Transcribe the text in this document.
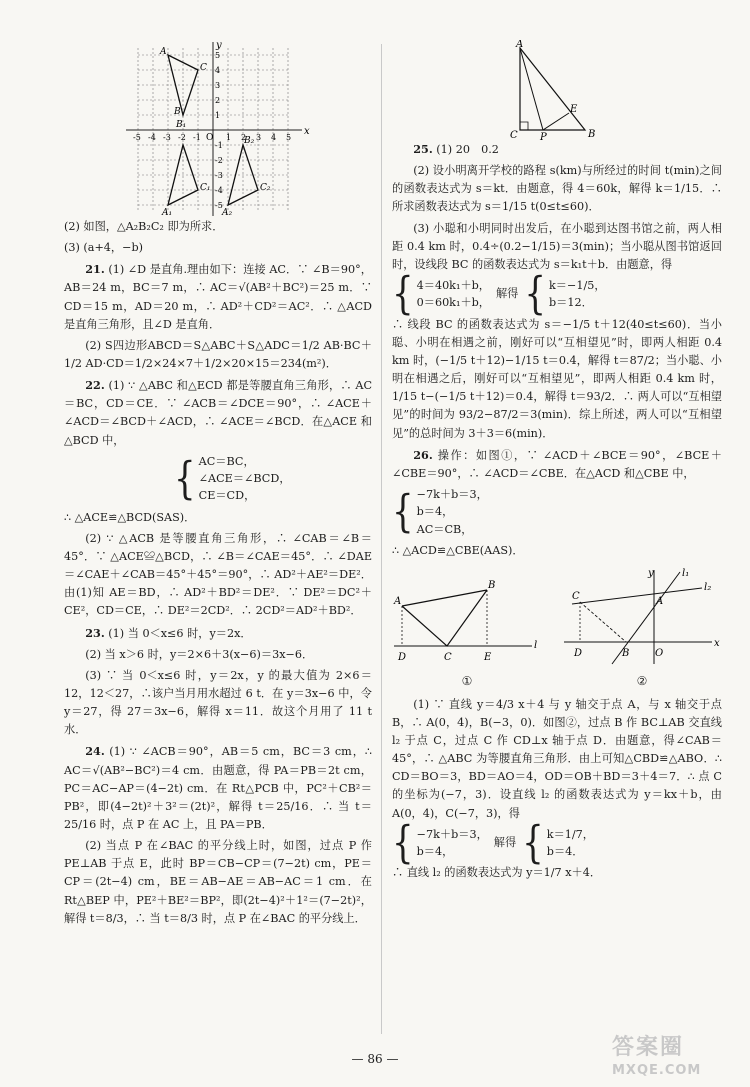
x
y
O
-5 -4 -3 -2 -1	1 2 3 4 5
5
4
3
2
1
-1
-2
-3
-4
-5
A
B
C
B₁
A₁
C₁
A₂
B₂
C₂

(2) 如图，△A₂B₂C₂ 即为所求．

(3) (a+4，−b)

21. (1) ∠D 是直角.理由如下：连接 AC．∵ ∠B＝90°，AB＝24 m，BC＝7 m，∴ AC＝√(AB²＋BC²)＝25 m．∵ CD＝15 m，AD＝20 m，∴ AD²＋CD²＝AC²．∴ △ACD 是直角三角形，且∠D 是直角．

(2) S四边形ABCD＝S△ABC＋S△ADC＝1/2 AB·BC＋1/2 AD·CD＝1/2×24×7＋1/2×20×15＝234(m²)．

22. (1) ∵ △ABC 和△ECD 都是等腰直角三角形，∴ AC＝BC，CD＝CE．∵ ∠ACB＝∠DCE＝90°，∴ ∠ACE＋∠ACD＝∠BCD＋∠ACD，∴ ∠ACE＝∠BCD．在△ACE 和△BCD 中，

{ AC＝BC，
∠ACE＝∠BCD，
CE＝CD，

∴ △ACE≌△BCD(SAS)．

(2) ∵ △ACB 是等腰直角三角形，∴ ∠CAB＝∠B＝45°．∵ △ACE≌△BCD，∴ ∠B＝∠CAE＝45°．∴ ∠DAE＝∠CAE＋∠CAB＝45°＋45°＝90°，∴ AD²＋AE²＝DE²．由(1)知 AE＝BD，∴ AD²＋BD²＝DE²．∵ DE²＝DC²＋CE²，CD＝CE，∴ DE²＝2CD²．∴ 2CD²＝AD²＋BD²．

23. (1) 当 0＜x≤6 时，y＝2x．

(2) 当 x＞6 时，y＝2×6＋3(x−6)＝3x−6．

(3) ∵ 当 0＜x≤6 时，y＝2x，y 的最大值为 2×6＝12，12＜27，∴该户当月用水超过 6 t．在 y＝3x−6 中，令 y＝27，得 27＝3x−6，解得 x＝11．故这个月用了 11 t 水．

24. (1) ∵ ∠ACB＝90°，AB＝5 cm，BC＝3 cm，∴ AC＝√(AB²−BC²)＝4 cm．由题意，得 PA＝PB＝2t cm，PC＝AC−AP＝(4−2t) cm．在 Rt△PCB 中，PC²＋CB²＝PB²，即(4−2t)²＋3²＝(2t)²，解得 t＝25/16．∴ 当 t＝25/16 时，点 P 在 AC 上，且 PA＝PB．

(2) 当点 P 在∠BAC 的平分线上时，如图，过点 P 作 PE⊥AB 于点 E，此时 BP＝CB−CP＝(7−2t) cm，PE＝CP＝(2t−4) cm，BE＝AB−AE＝AB−AC＝1 cm．在 Rt△BEP 中，PE²＋BE²＝BP²，即(2t−4)²＋1²＝(7−2t)²，解得 t＝8/3，∴ 当 t＝8/3 时，点 P 在∠BAC 的平分线上．

A
C P
E
B

25. (1) 20　0.2

(2) 设小明离开学校的路程 s(km)与所经过的时间 t(min)之间的函数表达式为 s＝kt．由题意，得 4＝60k，解得 k＝1/15．∴ 所求函数表达式为 s＝1/15 t(0≤t≤60)．

(3) 小聪和小明同时出发后，在小聪到达图书馆之前，两人相距 0.4 km 时，0.4÷(0.2−1/15)＝3(min)；当小聪从图书馆返回时，设线段 BC 的函数表达式为 s＝k₁t＋b．由题意，得

{ 4＝40k₁＋b，
0＝60k₁＋b，
解得 { k＝−1/5，
b＝12．

∴ 线段 BC 的函数表达式为 s＝−1/5 t＋12(40≤t≤60)．当小聪、小明在相遇之前，刚好可以“互相望见”时，即两人相距 0.4 km 时，(−1/5 t＋12)−1/15 t＝0.4，解得 t＝87/2；当小聪、小明在相遇之后，刚好可以“互相望见”，即两人相距 0.4 km 时，1/15 t−(−1/5 t＋12)＝0.4，解得 t＝93/2．∴ 两人可以“互相望见”的时间为 93/2−87/2＝3(min)．综上所述，两人可以“互相望见”的总时间为 3＋3＝6(min)．

26. 操作：如图①，∵ ∠ACD＋∠BCE＝90°，∠BCE＋∠CBE＝90°，∴ ∠ACD＝∠CBE．在△ACD 和△CBE 中，

{ −7k＋b＝3，
b＝4，
AC＝CB，

∴ △ACD≌△CBE(AAS)．

A
B
D	C	E
l
①
y
x
l₁
l₂
A
C
D	B	O
②

(1) ∵ 直线 y＝4/3 x＋4 与 y 轴交于点 A，与 x 轴交于点 B，∴ A(0，4)，B(−3，0)．如图②，过点 B 作 BC⊥AB 交直线 l₂ 于点 C，过点 C 作 CD⊥x 轴于点 D．由题意，得∠CAB＝45°，∴ △ABC 为等腰直角三角形．由上可知△CBD≌△ABO．∴ CD＝BO＝3，BD＝AO＝4，OD＝OB＋BD＝3＋4＝7．∴ 点 C 的坐标为(−7，3)．设直线 l₂ 的函数表达式为 y＝kx＋b，由 A(0，4)，C(−7，3)，得

{ −7k＋b＝3，
b＝4，
解得 { k＝1/7，
b＝4．

∴ 直线 l₂ 的函数表达式为 y＝1/7 x＋4．

— 86 —	答案圈
MXQE.COM
